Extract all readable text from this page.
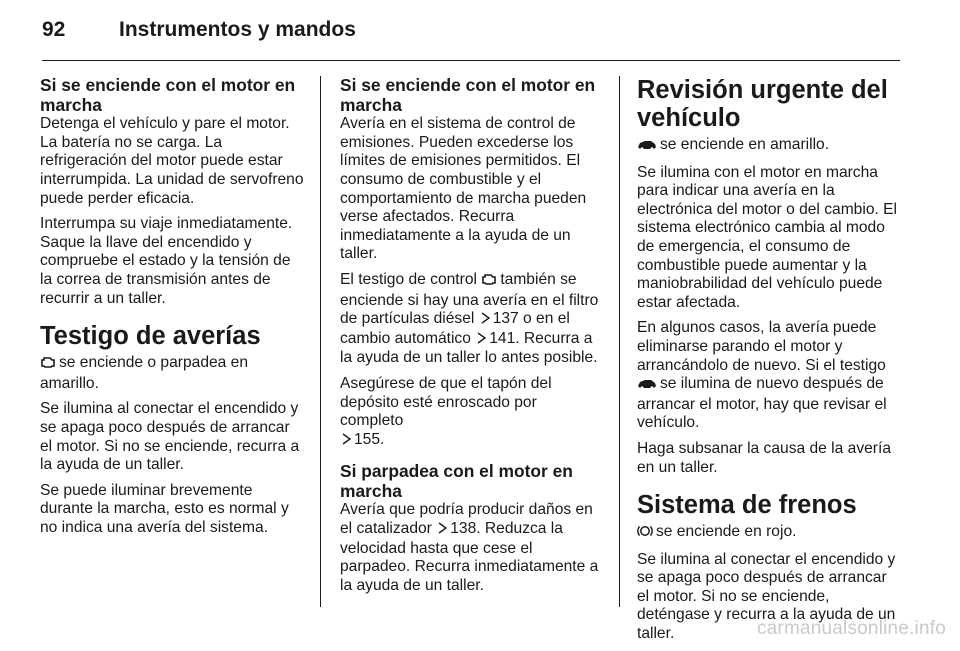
92	Instrumentos y mandos
Si se enciende con el motor en marcha

Detenga el vehículo y pare el motor. La batería no se carga. La refrigeración del motor puede estar interrumpida. La unidad de servofreno puede perder eficacia.

Interrumpa su viaje inmediatamente. Saque la llave del encendido y compruebe el estado y la tensión de la correa de transmisión antes de recurrir a un taller.

Testigo de averías

se enciende o parpadea en amarillo.

Se ilumina al conectar el encendido y se apaga poco después de arrancar el motor. Si no se enciende, recurra a la ayuda de un taller.

Se puede iluminar brevemente durante la marcha, esto es normal y no indica una avería del sistema.

Si se enciende con el motor en marcha

Avería en el sistema de control de emisiones. Pueden excederse los límites de emisiones permitidos. El consumo de combustible y el comportamiento de marcha pueden verse afectados. Recurra inmediatamente a la ayuda de un taller.

El testigo de control también se enciende si hay una avería en el filtro de partículas diésel 137 o en el cambio automático 141. Recurra a la ayuda de un taller lo antes posible.

Asegúrese de que el tapón del depósito esté enroscado por completo
155.

Si parpadea con el motor en marcha

Avería que podría producir daños en el catalizador 138. Reduzca la velocidad hasta que cese el parpadeo. Recurra inmediatamente a la ayuda de un taller.

Revisión urgente del vehículo

se enciende en amarillo.

Se ilumina con el motor en marcha para indicar una avería en la electrónica del motor o del cambio. El sistema electrónico cambia al modo de emergencia, el consumo de combustible puede aumentar y la maniobrabilidad del vehículo puede estar afectada.

En algunos casos, la avería puede eliminarse parando el motor y arrancándolo de nuevo. Si el testigo se ilumina de nuevo después de arrancar el motor, hay que revisar el vehículo.

Haga subsanar la causa de la avería en un taller.

Sistema de frenos

se enciende en rojo.

Se ilumina al conectar el encendido y se apaga poco después de arrancar el motor. Si no se enciende, deténgase y recurra a la ayuda de un taller.	carmanualsonline.info
